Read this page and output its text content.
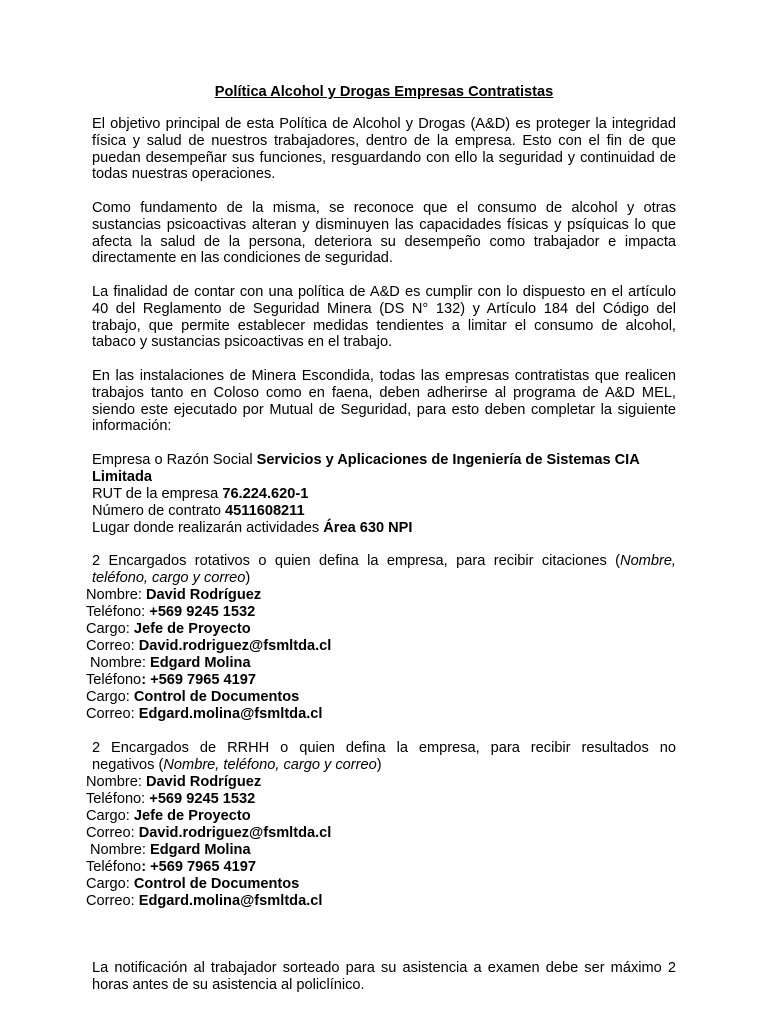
Política Alcohol y Drogas Empresas Contratistas

El objetivo principal de esta Política de Alcohol y Drogas (A&D) es proteger la integridad física y salud de nuestros trabajadores, dentro de la empresa. Esto con el fin de que puedan desempeñar sus funciones, resguardando con ello la seguridad y continuidad de todas nuestras operaciones.

Como fundamento de la misma, se reconoce que el consumo de alcohol y otras sustancias psicoactivas alteran y disminuyen las capacidades físicas y psíquicas lo que afecta la salud de la persona, deteriora su desempeño como trabajador e impacta directamente en las condiciones de seguridad.

La finalidad de contar con una política de A&D es cumplir con lo dispuesto en el artículo 40 del Reglamento de Seguridad Minera (DS N° 132) y Artículo 184 del Código del trabajo, que permite establecer medidas tendientes a limitar el consumo de alcohol, tabaco y sustancias psicoactivas en el trabajo.

En las instalaciones de Minera Escondida, todas las empresas contratistas que realicen trabajos tanto en Coloso como en faena, deben adherirse al programa de A&D MEL, siendo este ejecutado por Mutual de Seguridad, para esto deben completar la siguiente información:

Empresa o Razón Social Servicios y Aplicaciones de Ingeniería de Sistemas CIA Limitada
RUT de la empresa 76.224.620-1
Número de contrato 4511608211
Lugar donde realizarán actividades Área 630 NPI
2 Encargados rotativos o quien defina la empresa, para recibir citaciones (Nombre,
teléfono, cargo y correo)
Nombre: David Rodríguez
Teléfono: +569 9245 1532
Cargo: Jefe de Proyecto
Correo: David.rodriguez@fsmltda.cl
Nombre: Edgard Molina
Teléfono: +569 7965 4197
Cargo: Control de Documentos
Correo: Edgard.molina@fsmltda.cl
2 Encargados de RRHH o quien defina la empresa, para recibir resultados no
negativos (Nombre, teléfono, cargo y correo)
Nombre: David Rodríguez
Teléfono: +569 9245 1532
Cargo: Jefe de Proyecto
Correo: David.rodriguez@fsmltda.cl
Nombre: Edgard Molina
Teléfono: +569 7965 4197
Cargo: Control de Documentos
Correo: Edgard.molina@fsmltda.cl

La notificación al trabajador sorteado para su asistencia a examen debe ser máximo 2 horas antes de su asistencia al policlínico.
